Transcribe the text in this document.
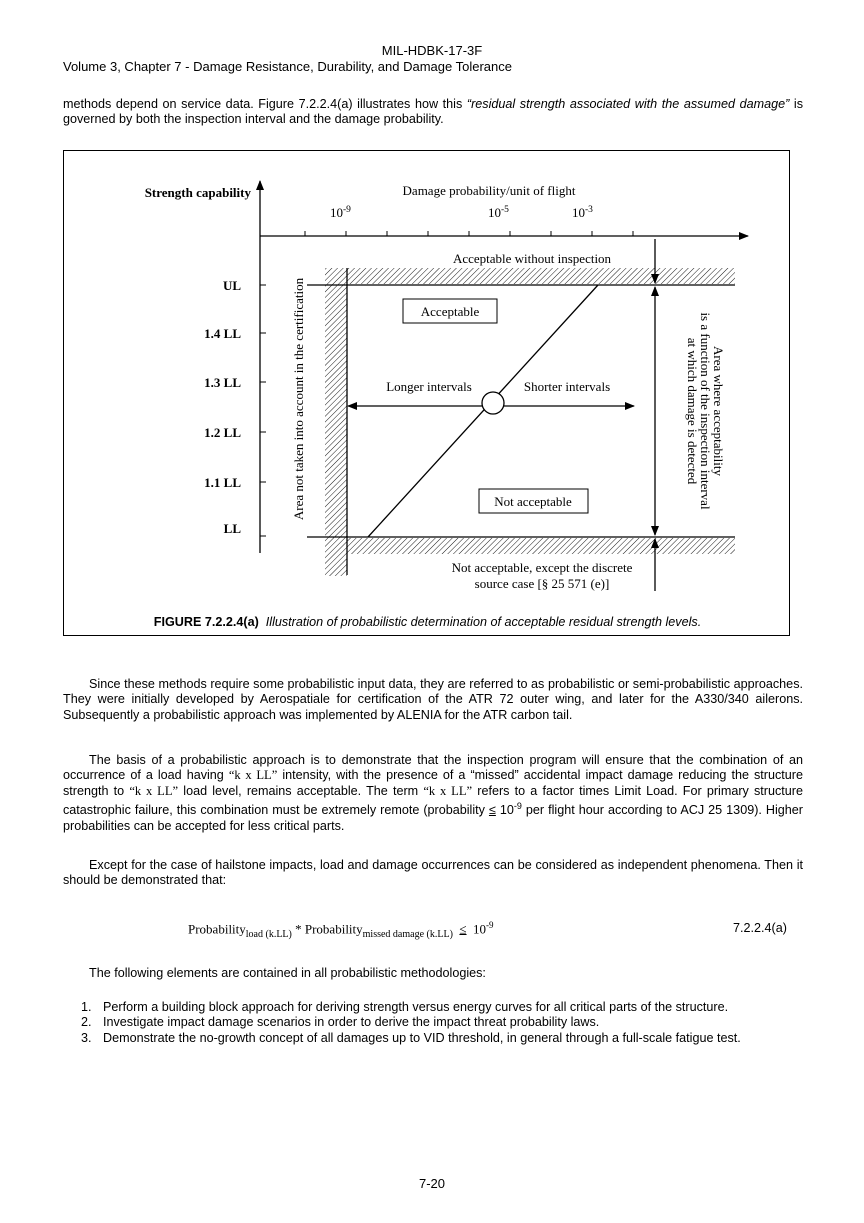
MIL-HDBK-17-3F
Volume 3, Chapter 7 - Damage Resistance, Durability, and Damage Tolerance
methods depend on service data. Figure 7.2.2.4(a) illustrates how this “residual strength associated with the assumed damage” is governed by both the inspection interval and the damage probability.
Strength capability	Damage probability/unit of flight
$10^{-9}$	$10^{-5}$	$10^{-3}$
UL
1.4 LL
1.3 LL
1.2 LL
1.1 LL
LL
Area not taken into account in the certification
Acceptable without inspection
Acceptable
Not acceptable
Longer intervals	Shorter intervals	Area where acceptability
is a function of the inspection interval
at which damage is detected
Not acceptable, except the discrete
source case [§ 25 571 (e)]
FIGURE 7.2.2.4(a) Illustration of probabilistic determination of acceptable residual strength levels.
Since these methods require some probabilistic input data, they are referred to as probabilistic or semi-probabilistic approaches. They were initially developed by Aerospatiale for certification of the ATR 72 outer wing, and later for the A330/340 ailerons. Subsequently a probabilistic approach was implemented by ALENIA for the ATR carbon tail.
The basis of a probabilistic approach is to demonstrate that the inspection program will ensure that the combination of an occurrence of a load having “k x LL” intensity, with the presence of a “missed” accidental impact damage reducing the structure strength to “k x LL” load level, remains acceptable. The term “k x LL” refers to a factor times Limit Load. For primary structure catastrophic failure, this combination must be extremely remote (probability ≤ $10^{-9}$ per flight hour according to ACJ 25 1309). Higher probabilities can be accepted for less critical parts.
Except for the case of hailstone impacts, load and damage occurrences can be considered as independent phenomena. Then it should be demonstrated that:
Probability$_{load (k.LL)}$ * Probability$_{missed damage (k.LL)}$ ≤ $10^{-9}$	7.2.2.4(a)
The following elements are contained in all probabilistic methodologies:
1. Perform a building block approach for deriving strength versus energy curves for all critical parts of the structure.
2. Investigate impact damage scenarios in order to derive the impact threat probability laws.
3. Demonstrate the no-growth concept of all damages up to VID threshold, in general through a full-scale fatigue test.
7-20
